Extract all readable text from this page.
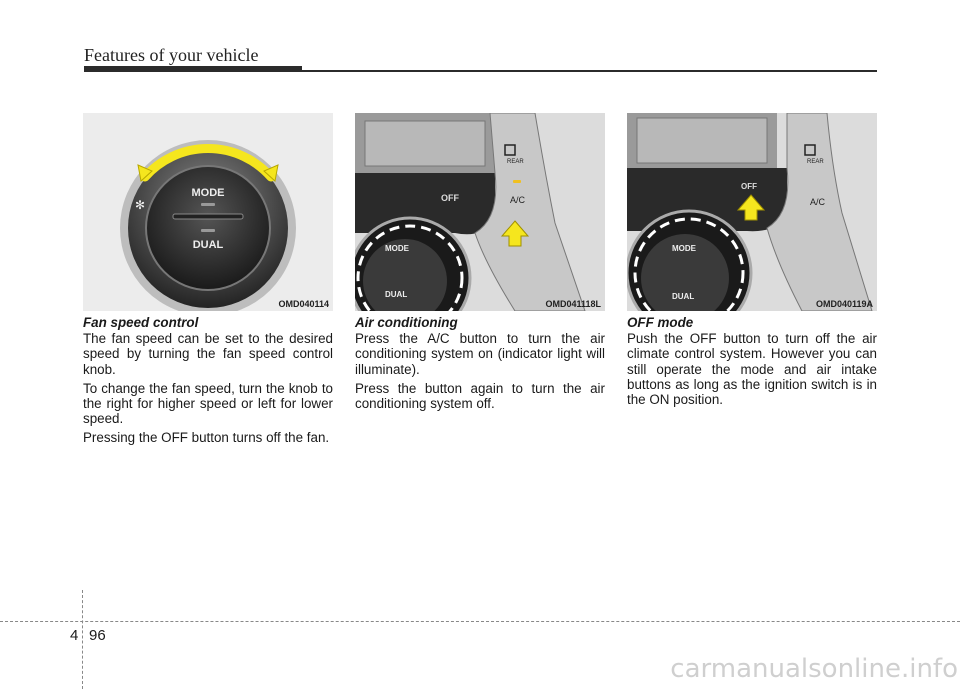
Features of your vehicle
MODE
DUAL
✻
OMD040114
OFF
REAR
A/C
MODE
DUAL
OMD041118L
OFF
REAR
A/C
MODE
DUAL
OMD040119A
Fan speed control

The fan speed can be set to the desired speed by turning the fan speed control knob.

To change the fan speed, turn the knob to the right for higher speed or left for lower speed.

Pressing the OFF button turns off the fan.

Air conditioning

Press the A/C button to turn the air conditioning system on (indicator light will illuminate).

Press the button again to turn the air conditioning system off.

OFF mode

Push the OFF button to turn off the air climate control system. However you can still operate the mode and air intake buttons as long as the ignition switch is in the ON position.

4 96
carmanualsonline.info
